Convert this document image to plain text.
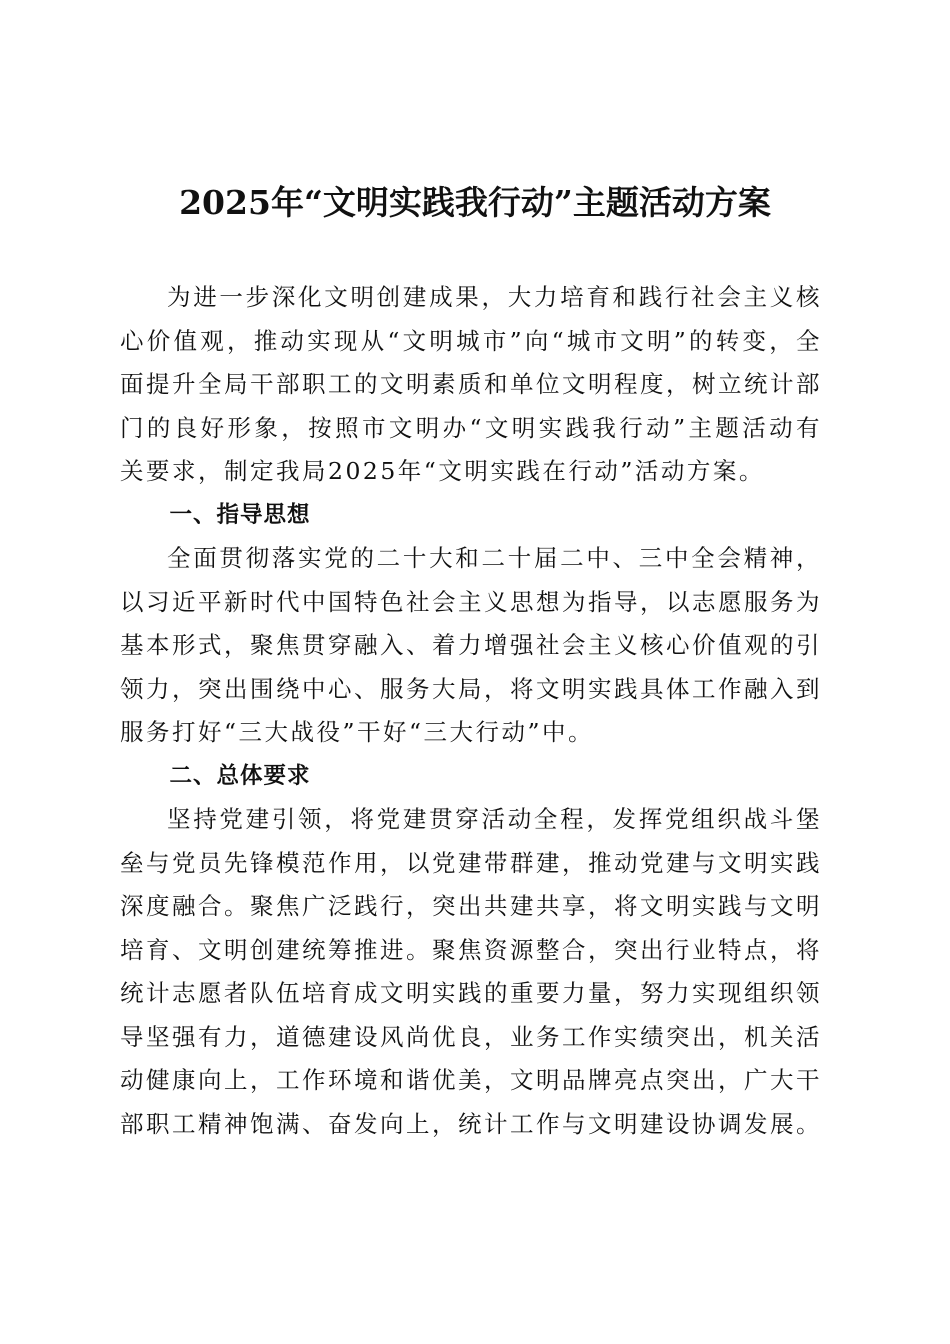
2025年“文明实践我行动”主题活动方案

为进一步深化文明创建成果，大力培育和践行社会主义核心价值观，推动实现从“文明城市”向“城市文明”的转变，全面提升全局干部职工的文明素质和单位文明程度，树立统计部门的良好形象，按照市文明办“文明实践我行动”主题活动有关要求，制定我局2025年“文明实践在行动”活动方案。

一、指导思想

全面贯彻落实党的二十大和二十届二中、三中全会精神，以习近平新时代中国特色社会主义思想为指导，以志愿服务为基本形式，聚焦贯穿融入、着力增强社会主义核心价值观的引领力，突出围绕中心、服务大局，将文明实践具体工作融入到服务打好“三大战役”干好“三大行动”中。

二、总体要求

坚持党建引领，将党建贯穿活动全程，发挥党组织战斗堡垒与党员先锋模范作用，以党建带群建，推动党建与文明实践深度融合。聚焦广泛践行，突出共建共享，将文明实践与文明培育、文明创建统筹推进。聚焦资源整合，突出行业特点，将统计志愿者队伍培育成文明实践的重要力量，努力实现组织领导坚强有力，道德建设风尚优良，业务工作实绩突出，机关活动健康向上，工作环境和谐优美，文明品牌亮点突出，广大干部职工精神饱满、奋发向上，统计工作与文明建设协调发展。
